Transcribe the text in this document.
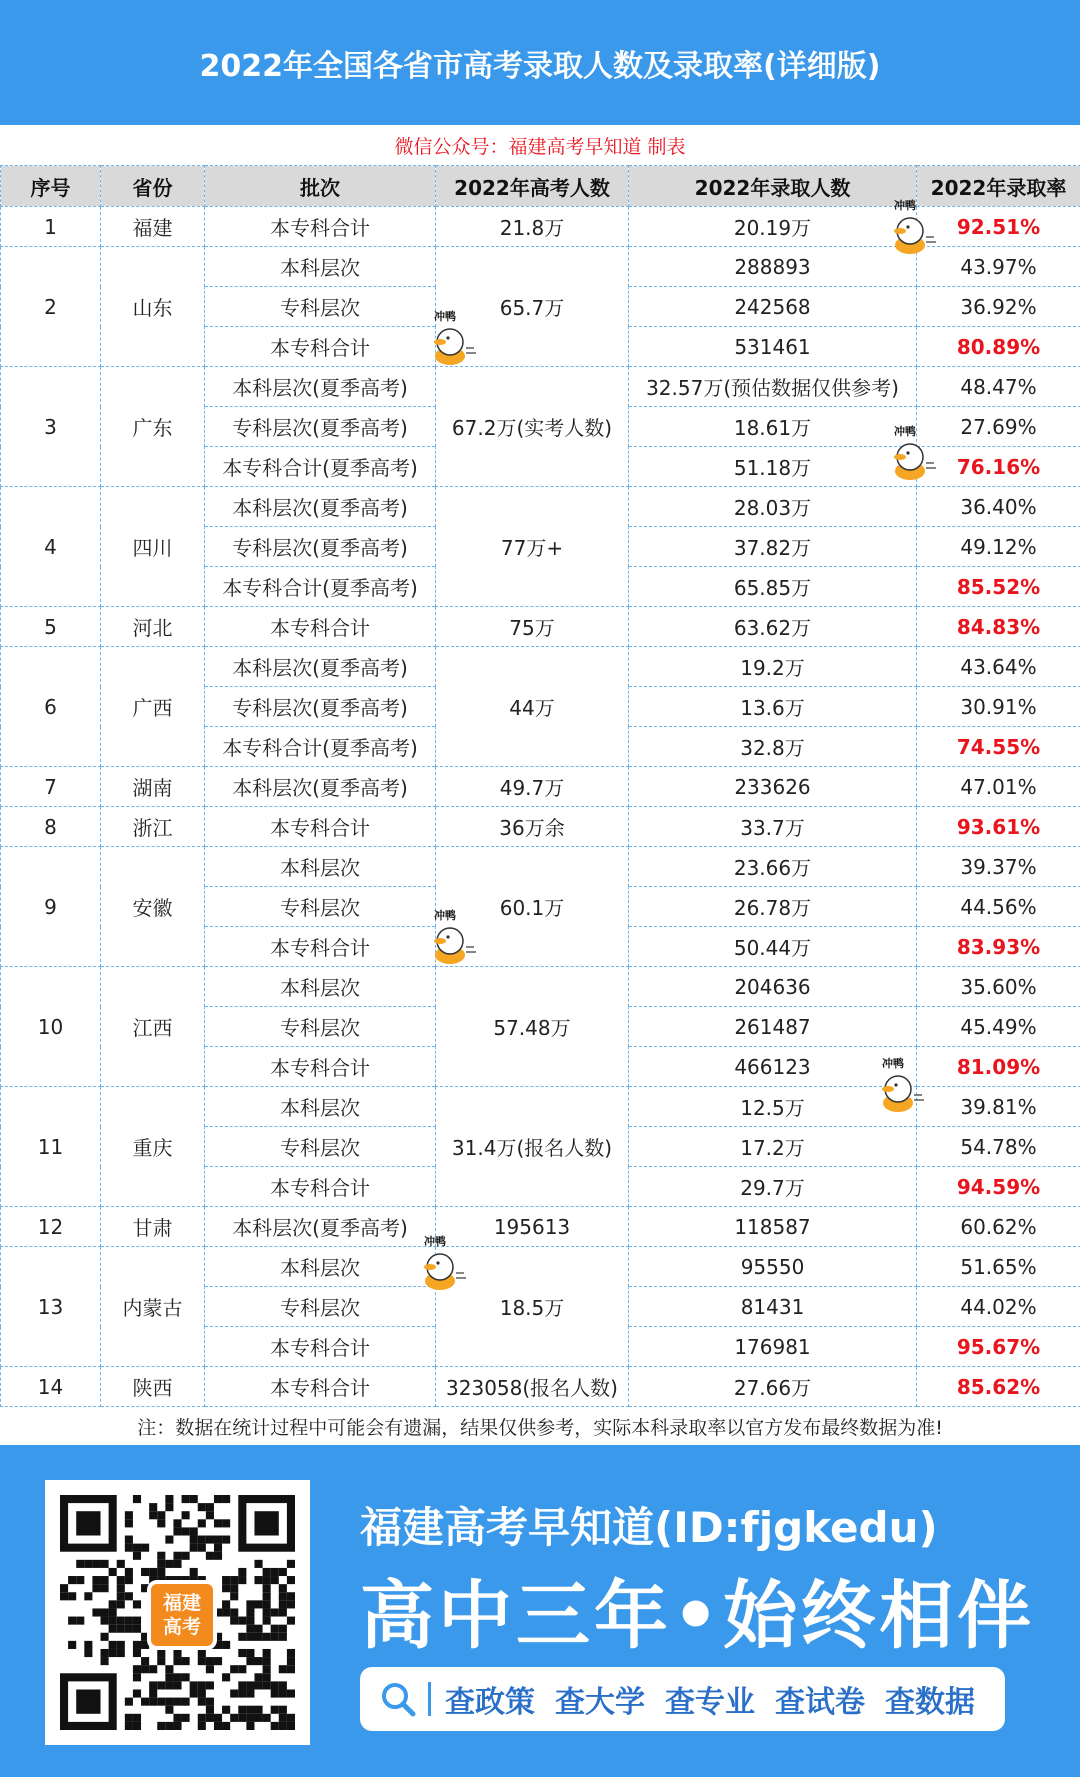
2022年全国各省市高考录取人数及录取率(详细版)
微信公众号：福建高考早知道 制表
序号	省份	批次	2022年高考人数	2022年录取人数	2022年录取率
1	福建	本专科合计	21.8万	20.19万	92.51%
2	山东	本科层次	65.7万	288893	43.97%
		专科层次		242568	36.92%
		本专科合计		531461	80.89%
3	广东	本科层次(夏季高考)	67.2万(实考人数)	32.57万(预估数据仅供参考)	48.47%
		专科层次(夏季高考)		18.61万	27.69%
		本专科合计(夏季高考)		51.18万	76.16%
4	四川	本科层次(夏季高考)	77万+	28.03万	36.40%
		专科层次(夏季高考)		37.82万	49.12%
		本专科合计(夏季高考)		65.85万	85.52%
5	河北	本专科合计	75万	63.62万	84.83%
6	广西	本科层次(夏季高考)	44万	19.2万	43.64%
		专科层次(夏季高考)		13.6万	30.91%
		本专科合计(夏季高考)		32.8万	74.55%
7	湖南	本科层次(夏季高考)	49.7万	233626	47.01%
8	浙江	本专科合计	36万余	33.7万	93.61%
9	安徽	本科层次	60.1万	23.66万	39.37%
		专科层次		26.78万	44.56%
		本专科合计		50.44万	83.93%
10	江西	本科层次	57.48万	204636	35.60%
		专科层次		261487	45.49%
		本专科合计		466123	81.09%
11	重庆	本科层次	31.4万(报名人数)	12.5万	39.81%
		专科层次		17.2万	54.78%
		本专科合计		29.7万	94.59%
12	甘肃	本科层次(夏季高考)	195613	118587	60.62%
13	内蒙古	本科层次	18.5万	95550	51.65%
		专科层次		81431	44.02%
		本专科合计		176981	95.67%
14	陕西	本专科合计	323058(报名人数)	27.66万	85.62%
注：数据在统计过程中可能会有遗漏，结果仅供参考，实际本科录取率以官方发布最终数据为准!
冲鸭
冲鸭
冲鸭
冲鸭
冲鸭
冲鸭
福建
高考
福建高考早知道(ID:fjgkedu)
高中三年•始终相伴
查政策 查大学 查专业 查试卷 查数据
